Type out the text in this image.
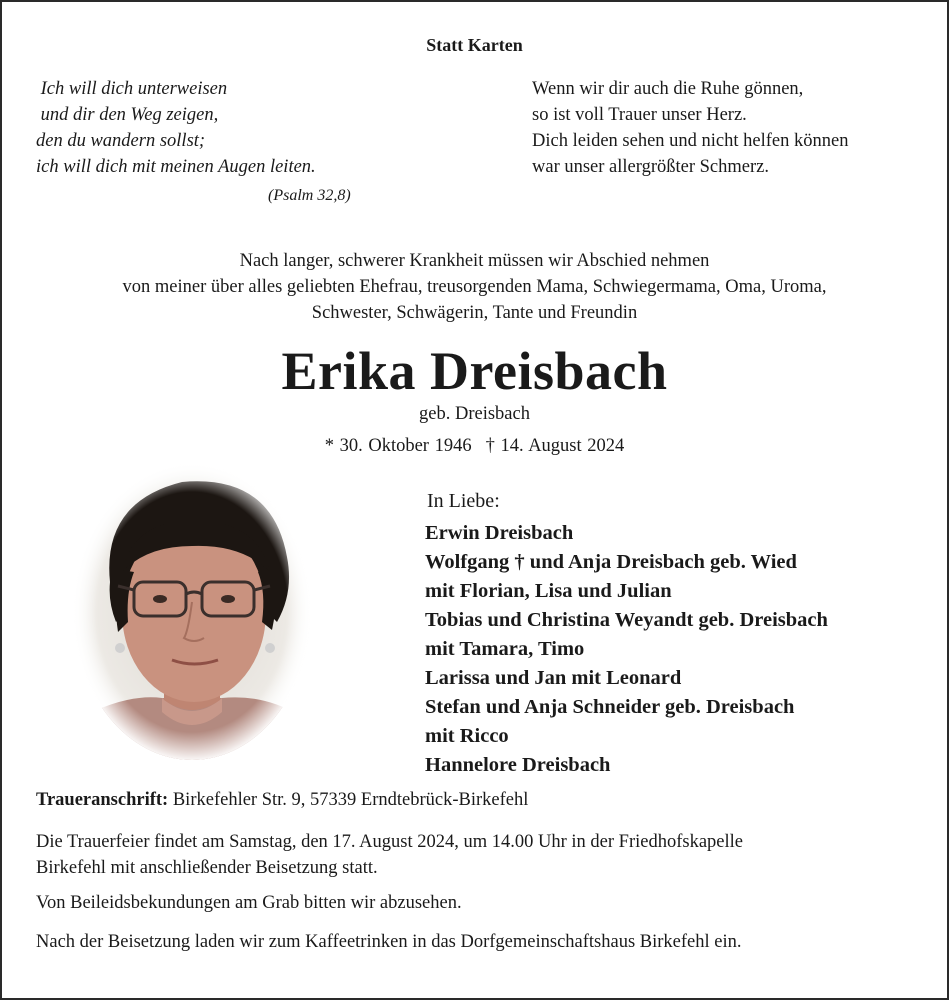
Statt Karten
Ich will dich unterweisen
und dir den Weg zeigen,
den du wandern sollst;
ich will dich mit meinen Augen leiten.
(Psalm 32,8)
Wenn wir dir auch die Ruhe gönnen,
so ist voll Trauer unser Herz.
Dich leiden sehen und nicht helfen können
war unser allergrößter Schmerz.
Nach langer, schwerer Krankheit müssen wir Abschied nehmen
von meiner über alles geliebten Ehefrau, treusorgenden Mama, Schwiegermama, Oma, Uroma,
Schwester, Schwägerin, Tante und Freundin
Erika Dreisbach
geb. Dreisbach
* 30. Oktober 1946 † 14. August 2024
In Liebe:
Erwin Dreisbach
Wolfgang † und Anja Dreisbach geb. Wied
mit Florian, Lisa und Julian
Tobias und Christina Weyandt geb. Dreisbach
mit Tamara, Timo
Larissa und Jan mit Leonard
Stefan und Anja Schneider geb. Dreisbach
mit Ricco
Hannelore Dreisbach
Traueranschrift: Birkefehler Str. 9, 57339 Erndtebrück-Birkefehl
Die Trauerfeier findet am Samstag, den 17. August 2024, um 14.00 Uhr in der Friedhofskapelle
Birkefehl mit anschließender Beisetzung statt.
Von Beileidsbekundungen am Grab bitten wir abzusehen.
Nach der Beisetzung laden wir zum Kaffeetrinken in das Dorfgemeinschaftshaus Birkefehl ein.
